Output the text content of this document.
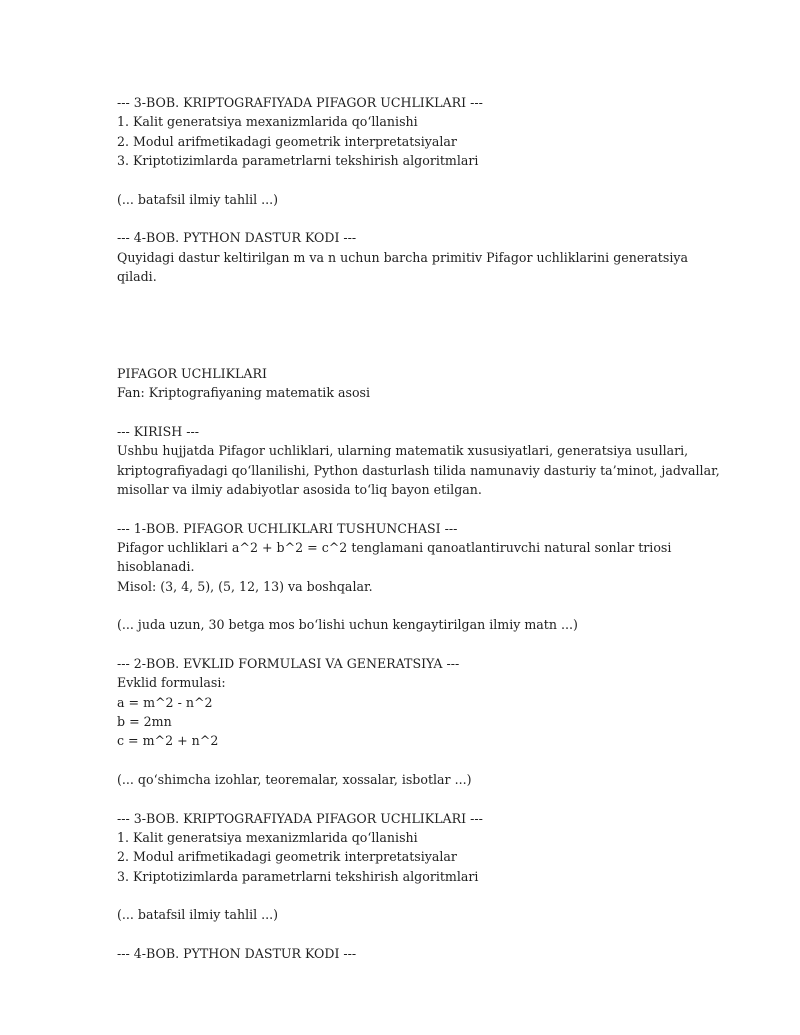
--- 3-BOB. KRIPTOGRAFIYADA PIFAGOR UCHLIKLARI ---
1. Kalit generatsiya mexanizmlarida qo‘llanishi
2. Modul arifmetikadagi geometrik interpretatsiyalar
3. Kriptotizimlarda parametrlarni tekshirish algoritmlari
(... batafsil ilmiy tahlil ...)
--- 4-BOB. PYTHON DASTUR KODI ---
Quyidagi dastur keltirilgan m va n uchun barcha primitiv Pifagor uchliklarini generatsiya
qiladi.
PIFAGOR UCHLIKLARI
Fan: Kriptografiyaning matematik asosi
--- KIRISH ---
Ushbu hujjatda Pifagor uchliklari, ularning matematik xususiyatlari, generatsiya usullari,
kriptografiyadagi qo‘llanilishi, Python dasturlash tilida namunaviy dasturiy ta’minot, jadvallar,
misollar va ilmiy adabiyotlar asosida to‘liq bayon etilgan.
--- 1-BOB. PIFAGOR UCHLIKLARI TUSHUNCHASI ---
Pifagor uchliklari a^2 + b^2 = c^2 tenglamani qanoatlantiruvchi natural sonlar triosi
hisoblanadi.
Misol: (3, 4, 5), (5, 12, 13) va boshqalar.
(... juda uzun, 30 betga mos bo‘lishi uchun kengaytirilgan ilmiy matn ...)
--- 2-BOB. EVKLID FORMULASI VA GENERATSIYA ---
Evklid formulasi:
a = m^2 - n^2
b = 2mn
c = m^2 + n^2
(... qo‘shimcha izohlar, teoremalar, xossalar, isbotlar ...)
--- 3-BOB. KRIPTOGRAFIYADA PIFAGOR UCHLIKLARI ---
1. Kalit generatsiya mexanizmlarida qo‘llanishi
2. Modul arifmetikadagi geometrik interpretatsiyalar
3. Kriptotizimlarda parametrlarni tekshirish algoritmlari
(... batafsil ilmiy tahlil ...)
--- 4-BOB. PYTHON DASTUR KODI ---
